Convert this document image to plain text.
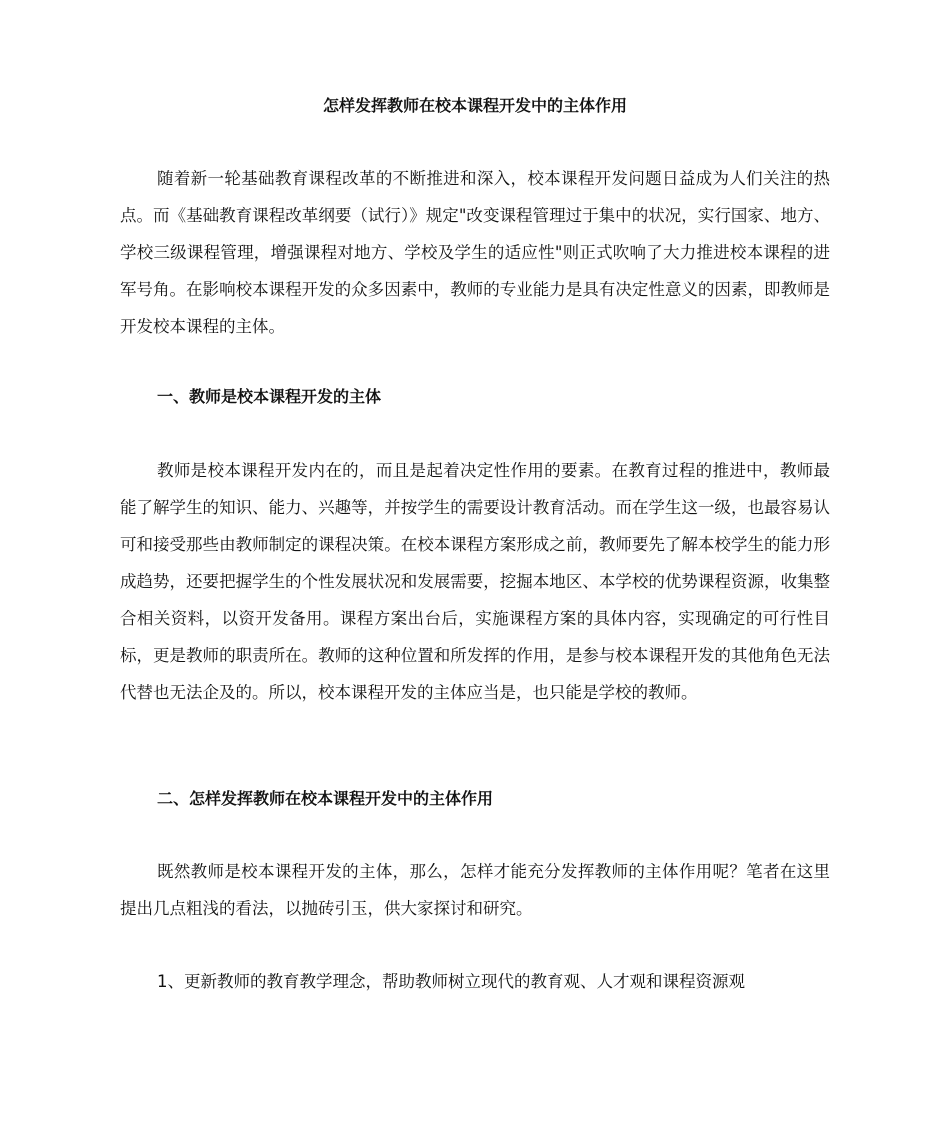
怎样发挥教师在校本课程开发中的主体作用

随着新一轮基础教育课程改革的不断推进和深入，校本课程开发问题日益成为人们关注的热点。而《基础教育课程改革纲要（试行）》规定"改变课程管理过于集中的状况，实行国家、地方、学校三级课程管理，增强课程对地方、学校及学生的适应性"则正式吹响了大力推进校本课程的进军号角。在影响校本课程开发的众多因素中，教师的专业能力是具有决定性意义的因素，即教师是开发校本课程的主体。

一、教师是校本课程开发的主体

教师是校本课程开发内在的，而且是起着决定性作用的要素。在教育过程的推进中，教师最能了解学生的知识、能力、兴趣等，并按学生的需要设计教育活动。而在学生这一级，也最容易认可和接受那些由教师制定的课程决策。在校本课程方案形成之前，教师要先了解本校学生的能力形成趋势，还要把握学生的个性发展状况和发展需要，挖掘本地区、本学校的优势课程资源，收集整合相关资料，以资开发备用。课程方案出台后，实施课程方案的具体内容，实现确定的可行性目标，更是教师的职责所在。教师的这种位置和所发挥的作用，是参与校本课程开发的其他角色无法代替也无法企及的。所以，校本课程开发的主体应当是，也只能是学校的教师。

二、怎样发挥教师在校本课程开发中的主体作用

既然教师是校本课程开发的主体，那么，怎样才能充分发挥教师的主体作用呢？笔者在这里提出几点粗浅的看法，以抛砖引玉，供大家探讨和研究。

1、更新教师的教育教学理念，帮助教师树立现代的教育观、人才观和课程资源观
